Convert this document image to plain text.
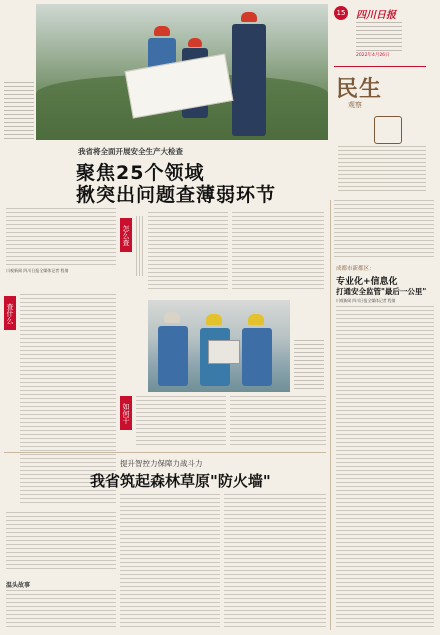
15 四川日报
2022年4月26日
民生
观察
我省将全面开展安全生产大检查
聚焦25个领域
揪突出问题查薄弱环节
川观新闻 四川日报全媒体记者 程倩
查什么
怎么查
如何干
成都市新都区：
专业化+信息化
打通安全监管"最后一公里"
川观新闻 四川日报全媒体记者 程倩
提升智控力保障力战斗力
我省筑起森林草原"防火墙"
温头故事
